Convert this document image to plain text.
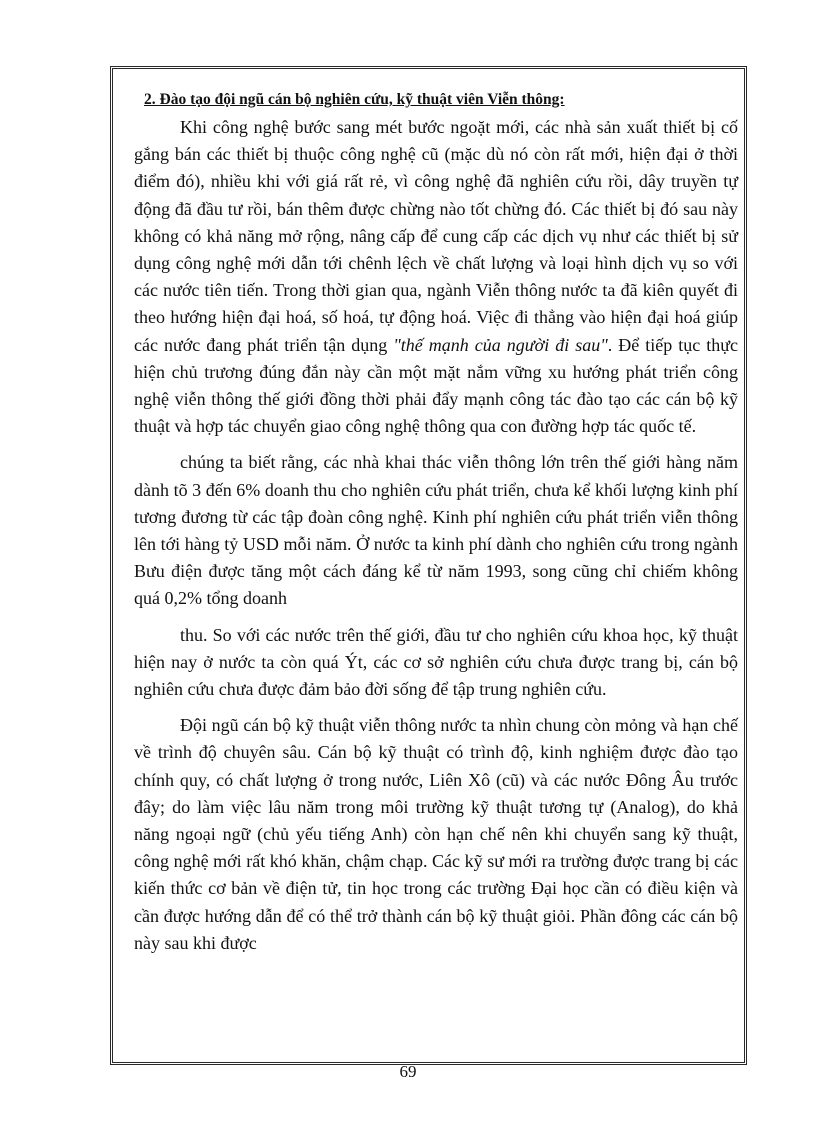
2. Đào tạo đội ngũ cán bộ nghiên cứu, kỹ thuật viên Viễn thông:

Khi công nghệ bước sang mét bước ngoặt mới, các nhà sản xuất thiết bị cố gắng bán các thiết bị thuộc công nghệ cũ (mặc dù nó còn rất mới, hiện đại ở thời điểm đó), nhiều khi với giá rất rẻ, vì công nghệ đã nghiên cứu rồi, dây truyền tự động đã đầu tư rồi, bán thêm được chừng nào tốt chừng đó. Các thiết bị đó sau này không có khả năng mở rộng, nâng cấp để cung cấp các dịch vụ như các thiết bị sử dụng công nghệ mới dẫn tới chênh lệch về chất lượng và loại hình dịch vụ so với các nước tiên tiến. Trong thời gian qua, ngành Viễn thông nước ta đã kiên quyết đi theo hướng hiện đại hoá, số hoá, tự động hoá. Việc đi thẳng vào hiện đại hoá giúp các nước đang phát triển tận dụng "thế mạnh của người đi sau". Để tiếp tục thực hiện chủ trương đúng đắn này cần một mặt nắm vững xu hướng phát triển công nghệ viễn thông thế giới đồng thời phải đẩy mạnh công tác đào tạo các cán bộ kỹ thuật và hợp tác chuyển giao công nghệ thông qua con đường hợp tác quốc tế.

chúng ta biết rằng, các nhà khai thác viễn thông lớn trên thế giới hàng năm dành tõ 3 đến 6% doanh thu cho nghiên cứu phát triển, chưa kể khối lượng kinh phí tương đương từ các tập đoàn công nghệ. Kinh phí nghiên cứu phát triển viễn thông lên tới hàng tỷ USD mỗi năm. Ở nước ta kinh phí dành cho nghiên cứu trong ngành Bưu điện được tăng một cách đáng kể từ năm 1993, song cũng chỉ chiếm không quá 0,2% tổng doanh

thu. So với các nước trên thế giới, đầu tư cho nghiên cứu khoa học, kỹ thuật hiện nay ở nước ta còn quá Ýt, các cơ sở nghiên cứu chưa được trang bị, cán bộ nghiên cứu chưa được đảm bảo đời sống để tập trung nghiên cứu.

Đội ngũ cán bộ kỹ thuật viễn thông nước ta nhìn chung còn mỏng và hạn chế về trình độ chuyên sâu. Cán bộ kỹ thuật có trình độ, kinh nghiệm được đào tạo chính quy, có chất lượng ở trong nước, Liên Xô (cũ) và các nước Đông Âu trước đây; do làm việc lâu năm trong môi trường kỹ thuật tương tự (Analog), do khả năng ngoại ngữ (chủ yếu tiếng Anh) còn hạn chế nên khi chuyển sang kỹ thuật, công nghệ mới rất khó khăn, chậm chạp. Các kỹ sư mới ra trường được trang bị các kiến thức cơ bản về điện tử, tin học trong các trường Đại học cần có điều kiện và cần được hướng dẫn để có thể trở thành cán bộ kỹ thuật giỏi. Phần đông các cán bộ này sau khi được

69
